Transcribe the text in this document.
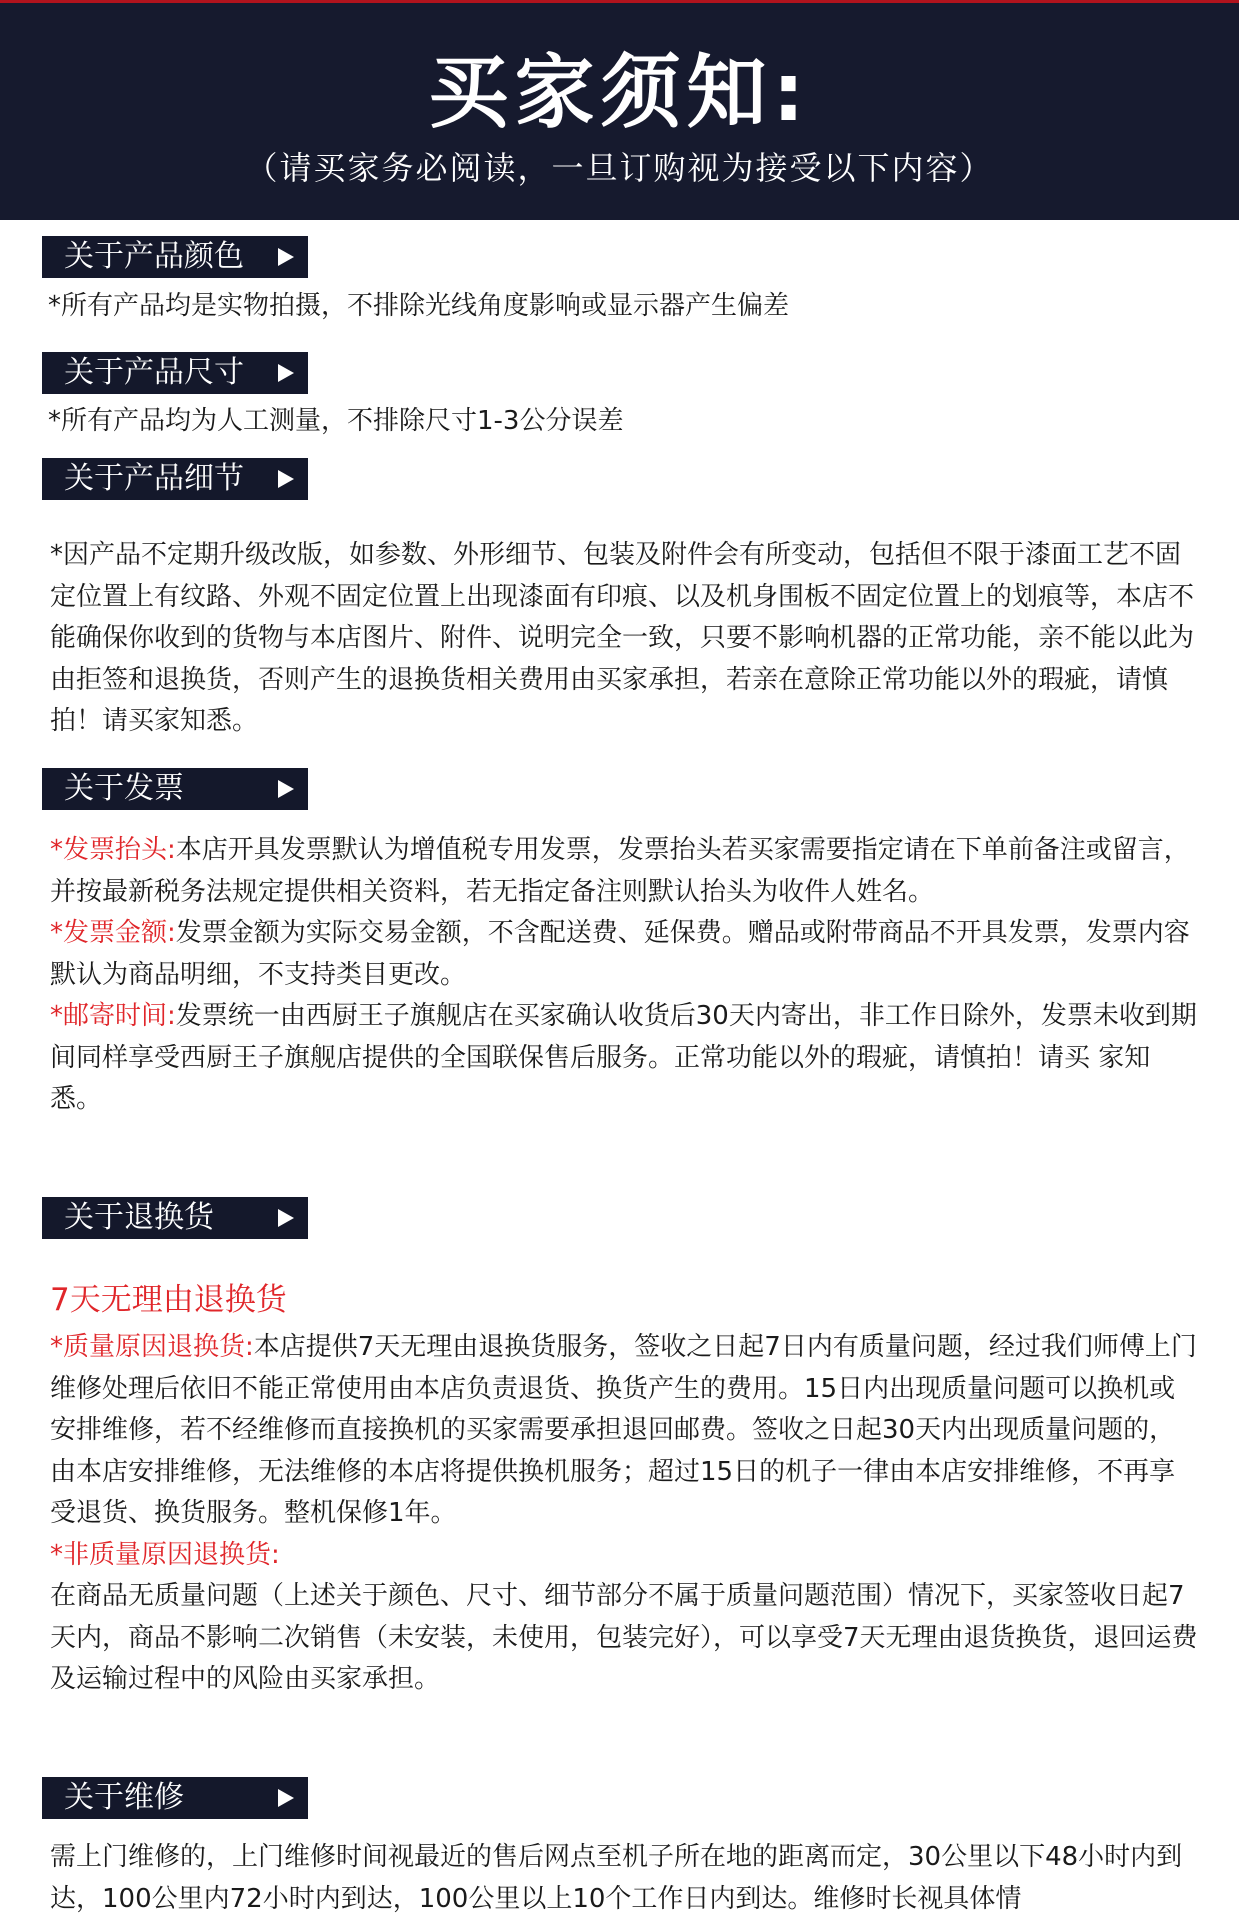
买家须知:
（请买家务必阅读，一旦订购视为接受以下内容）
关于产品颜色
*所有产品均是实物拍摄，不排除光线角度影响或显示器产生偏差
关于产品尺寸
*所有产品均为人工测量，不排除尺寸1-3公分误差
关于产品细节

*因产品不定期升级改版，如参数、外形细节、包装及附件会有所变动，包括但不限于漆面工艺不固定位置上有纹路、外观不固定位置上出现漆面有印痕、以及机身围板不固定位置上的划痕等，本店不能确保你收到的货物与本店图片、附件、说明完全一致，只要不影响机器的正常功能，亲不能以此为由拒签和退换货，否则产生的退换货相关费用由买家承担，若亲在意除正常功能以外的瑕疵，请慎拍！请买家知悉。

关于发票

*发票抬头:本店开具发票默认为增值税专用发票，发票抬头若买家需要指定请在下单前备注或留言，并按最新税务法规定提供相关资料，若无指定备注则默认抬头为收件人姓名。

*发票金额:发票金额为实际交易金额，不含配送费、延保费。赠品或附带商品不开具发票，发票内容默认为商品明细，不支持类目更改。

*邮寄时间:发票统一由西厨王子旗舰店在买家确认收货后30天内寄出，非工作日除外，发票未收到期间同样享受西厨王子旗舰店提供的全国联保售后服务。正常功能以外的瑕疵，请慎拍！请买 家知悉。

关于退换货
7天无理由退换货

*质量原因退换货:本店提供7天无理由退换货服务，签收之日起7日内有质量问题，经过我们师傅上门维修处理后依旧不能正常使用由本店负责退货、换货产生的费用。15日内出现质量问题可以换机或安排维修，若不经维修而直接换机的买家需要承担退回邮费。签收之日起30天内出现质量问题的，由本店安排维修，无法维修的本店将提供换机服务；超过15日的机子一律由本店安排维修，不再享受退货、换货服务。整机保修1年。

*非质量原因退换货:

在商品无质量问题（上述关于颜色、尺寸、细节部分不属于质量问题范围）情况下，买家签收日起7天内，商品不影响二次销售（未安装，未使用，包装完好），可以享受7天无理由退货换货，退回运费及运输过程中的风险由买家承担。

关于维修

需上门维修的，上门维修时间视最近的售后网点至机子所在地的距离而定，30公里以下48小时内到达，100公里内72小时内到达，100公里以上10个工作日内到达。维修时长视具体情
